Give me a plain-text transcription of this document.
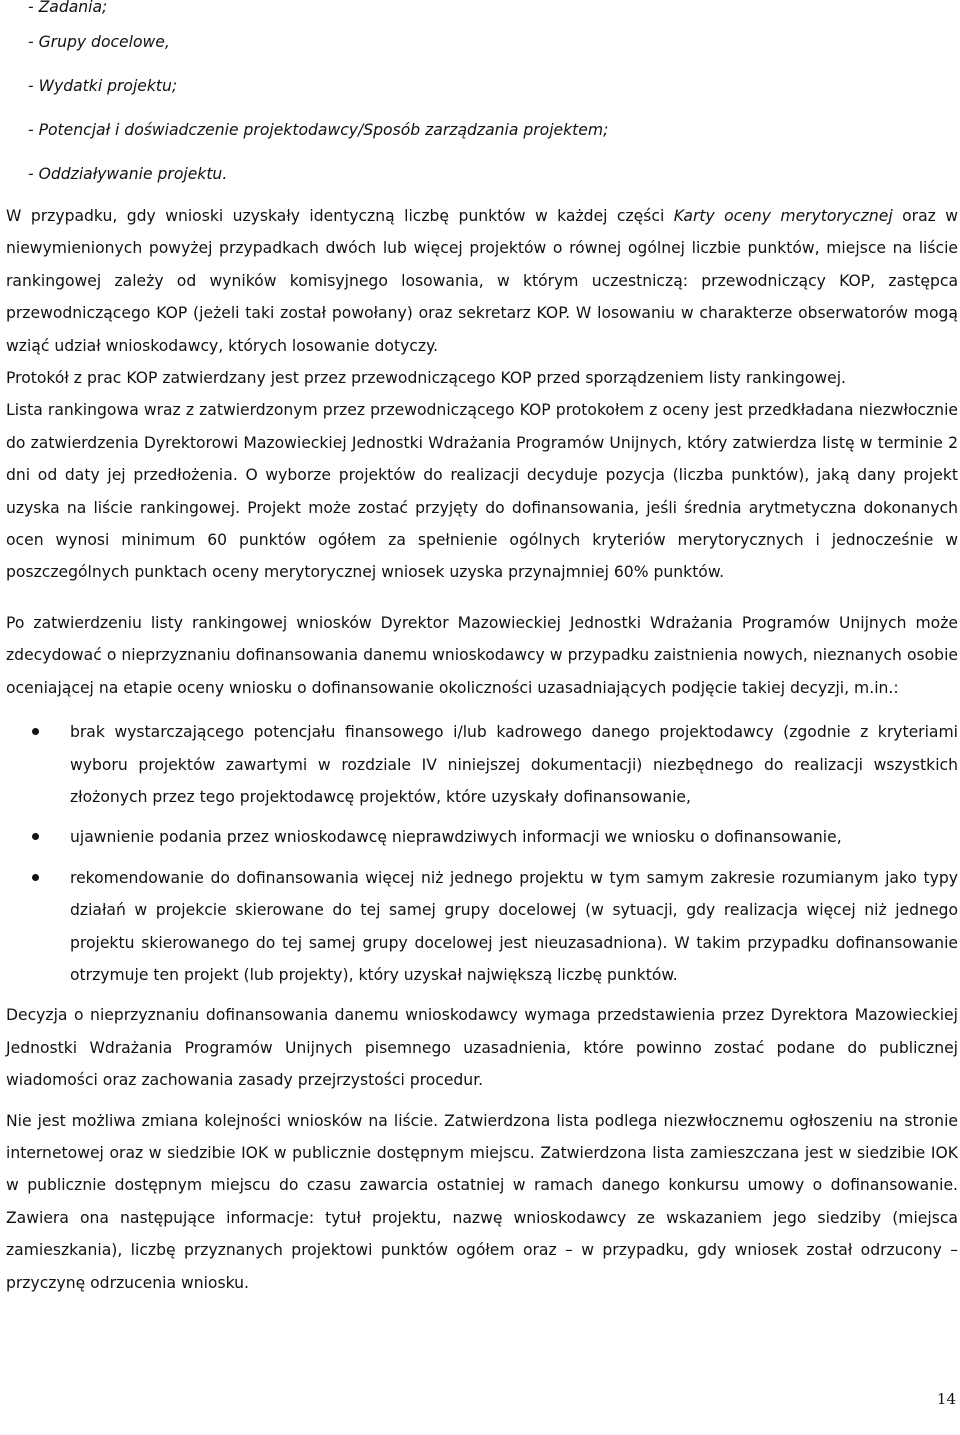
- Zadania;
- Grupy docelowe,
- Wydatki projektu;
- Potencjał i doświadczenie projektodawcy/Sposób zarządzania projektem;
- Oddziaływanie projektu.

W przypadku, gdy wnioski uzyskały identyczną liczbę punktów w każdej części Karty oceny merytorycznej oraz w niewymienionych powyżej przypadkach dwóch lub więcej projektów o równej ogólnej liczbie punktów, miejsce na liście rankingowej zależy od wyników komisyjnego losowania, w którym uczestniczą: przewodniczący KOP, zastępca przewodniczącego KOP (jeżeli taki został powołany) oraz sekretarz KOP. W losowaniu w charakterze obserwatorów mogą wziąć udział wnioskodawcy, których losowanie dotyczy.

Protokół z prac KOP zatwierdzany jest przez przewodniczącego KOP przed sporządzeniem listy rankingowej.

Lista rankingowa wraz z zatwierdzonym przez przewodniczącego KOP protokołem z oceny jest przedkładana niezwłocznie do zatwierdzenia Dyrektorowi Mazowieckiej Jednostki Wdrażania Programów Unijnych, który zatwierdza listę w terminie 2 dni od daty jej przedłożenia. O wyborze projektów do realizacji decyduje pozycja (liczba punktów), jaką dany projekt uzyska na liście rankingowej. Projekt może zostać przyjęty do dofinansowania, jeśli średnia arytmetyczna dokonanych ocen wynosi minimum 60 punktów ogółem za spełnienie ogólnych kryteriów merytorycznych i jednocześnie w poszczególnych punktach oceny merytorycznej wniosek uzyska przynajmniej 60% punktów.

Po zatwierdzeniu listy rankingowej wniosków Dyrektor Mazowieckiej Jednostki Wdrażania Programów Unijnych może zdecydować o nieprzyznaniu dofinansowania danemu wnioskodawcy w przypadku zaistnienia nowych, nieznanych osobie oceniającej na etapie oceny wniosku o dofinansowanie okoliczności uzasadniających podjęcie takiej decyzji, m.in.:

brak wystarczającego potencjału finansowego i/lub kadrowego danego projektodawcy (zgodnie z kryteriami wyboru projektów zawartymi w rozdziale IV niniejszej dokumentacji) niezbędnego do realizacji wszystkich złożonych przez tego projektodawcę projektów, które uzyskały dofinansowanie,
ujawnienie podania przez wnioskodawcę nieprawdziwych informacji we wniosku o dofinansowanie,
rekomendowanie do dofinansowania więcej niż jednego projektu w tym samym zakresie rozumianym jako typy działań w projekcie skierowane do tej samej grupy docelowej (w sytuacji, gdy realizacja więcej niż jednego projektu skierowanego do tej samej grupy docelowej jest nieuzasadniona). W takim przypadku dofinansowanie otrzymuje ten projekt (lub projekty), który uzyskał największą liczbę punktów.

Decyzja o nieprzyznaniu dofinansowania danemu wnioskodawcy wymaga przedstawienia przez Dyrektora Mazowieckiej Jednostki Wdrażania Programów Unijnych pisemnego uzasadnienia, które powinno zostać podane do publicznej wiadomości oraz zachowania zasady przejrzystości procedur.

Nie jest możliwa zmiana kolejności wniosków na liście. Zatwierdzona lista podlega niezwłocznemu ogłoszeniu na stronie internetowej oraz w siedzibie IOK w publicznie dostępnym miejscu. Zatwierdzona lista zamieszczana jest w siedzibie IOK w publicznie dostępnym miejscu do czasu zawarcia ostatniej w ramach danego konkursu umowy o dofinansowanie. Zawiera ona następujące informacje: tytuł projektu, nazwę wnioskodawcy ze wskazaniem jego siedziby (miejsca zamieszkania), liczbę przyznanych projektowi punktów ogółem oraz – w przypadku, gdy wniosek został odrzucony – przyczynę odrzucenia wniosku.

14
